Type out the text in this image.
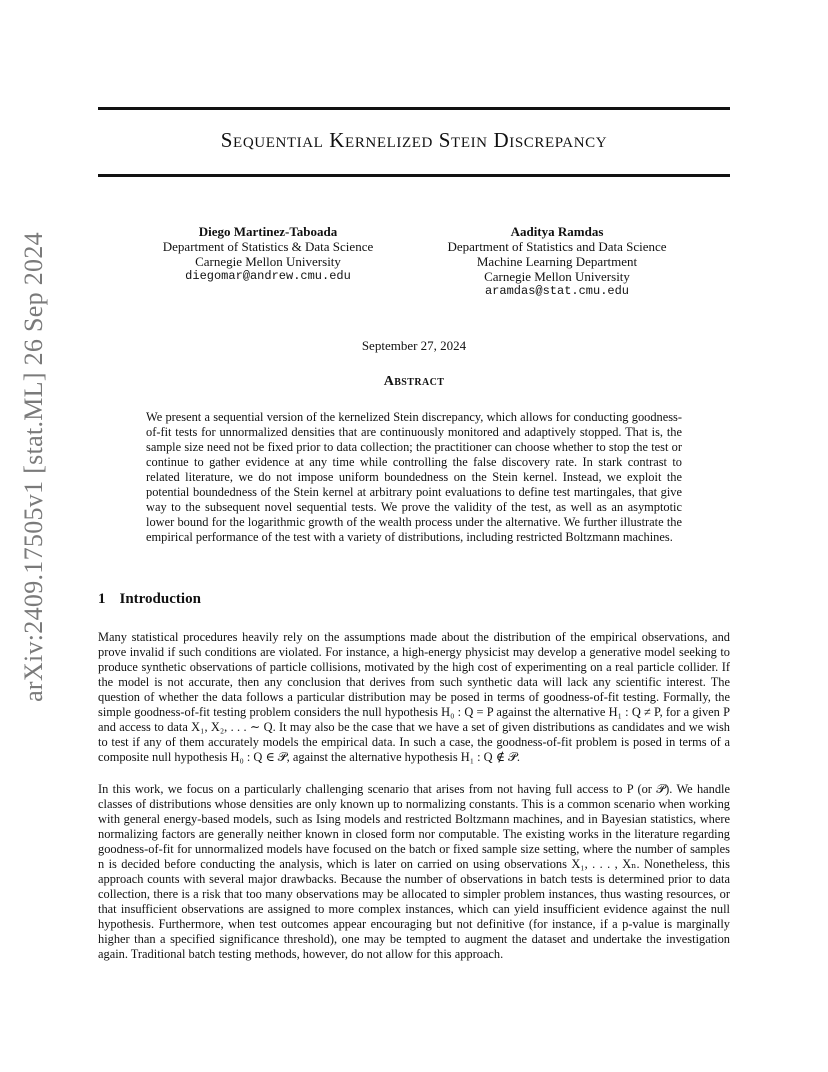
arXiv:2409.17505v1 [stat.ML] 26 Sep 2024
Sequential Kernelized Stein Discrepancy
Diego Martinez-Taboada
Department of Statistics & Data Science
Carnegie Mellon University
diegomar@andrew.cmu.edu
Aaditya Ramdas
Department of Statistics and Data Science
Machine Learning Department
Carnegie Mellon University
aramdas@stat.cmu.edu
September 27, 2024
Abstract
We present a sequential version of the kernelized Stein discrepancy, which allows for conducting goodness-of-fit tests for unnormalized densities that are continuously monitored and adaptively stopped. That is, the sample size need not be fixed prior to data collection; the practitioner can choose whether to stop the test or continue to gather evidence at any time while controlling the false discovery rate. In stark contrast to related literature, we do not impose uniform boundedness on the Stein kernel. Instead, we exploit the potential boundedness of the Stein kernel at arbitrary point evaluations to define test martingales, that give way to the subsequent novel sequential tests. We prove the validity of the test, as well as an asymptotic lower bound for the logarithmic growth of the wealth process under the alternative. We further illustrate the empirical performance of the test with a variety of distributions, including restricted Boltzmann machines.
1 Introduction

Many statistical procedures heavily rely on the assumptions made about the distribution of the empirical observations, and prove invalid if such conditions are violated. For instance, a high-energy physicist may develop a generative model seeking to produce synthetic observations of particle collisions, motivated by the high cost of experimenting on a real particle collider. If the model is not accurate, then any conclusion that derives from such synthetic data will lack any scientific interest. The question of whether the data follows a particular distribution may be posed in terms of goodness-of-fit testing. Formally, the simple goodness-of-fit testing problem considers the null hypothesis H₀ : Q = P against the alternative H₁ : Q ≠ P, for a given P and access to data X₁, X₂, . . . ∼ Q. It may also be the case that we have a set of given distributions as candidates and we wish to test if any of them accurately models the empirical data. In such a case, the goodness-of-fit problem is posed in terms of a composite null hypothesis H₀ : Q ∈ 𝒫, against the alternative hypothesis H₁ : Q ∉ 𝒫.

In this work, we focus on a particularly challenging scenario that arises from not having full access to P (or 𝒫). We handle classes of distributions whose densities are only known up to normalizing constants. This is a common scenario when working with general energy-based models, such as Ising models and restricted Boltzmann machines, and in Bayesian statistics, where normalizing factors are generally neither known in closed form nor computable. The existing works in the literature regarding goodness-of-fit for unnormalized models have focused on the batch or fixed sample size setting, where the number of samples n is decided before conducting the analysis, which is later on carried on using observations X₁, . . . , Xₙ. Nonetheless, this approach counts with several major drawbacks. Because the number of observations in batch tests is determined prior to data collection, there is a risk that too many observations may be allocated to simpler problem instances, thus wasting resources, or that insufficient observations are assigned to more complex instances, which can yield insufficient evidence against the null hypothesis. Furthermore, when test outcomes appear encouraging but not definitive (for instance, if a p-value is marginally higher than a specified significance threshold), one may be tempted to augment the dataset and undertake the investigation again. Traditional batch testing methods, however, do not allow for this approach.
